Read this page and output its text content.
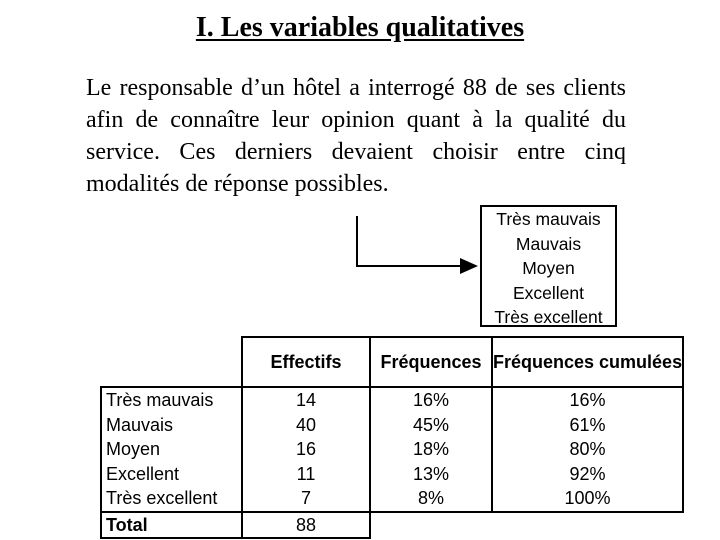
I. Les variables qualitatives

Le responsable d’un hôtel a interrogé 88 de ses clients afin de connaître leur opinion quant à la qualité du service. Ces derniers devaient choisir entre cinq modalités de réponse possibles.

Très mauvais
Mauvais
Moyen
Excellent
Très excellent
	Effectifs	Fréquences	Fréquences cumulées
Très mauvais	14	16%	16%
Mauvais	40	45%	61%
Moyen	16	18%	80%
Excellent	11	13%	92%
Très excellent	7	8%	100%
Total	88		
